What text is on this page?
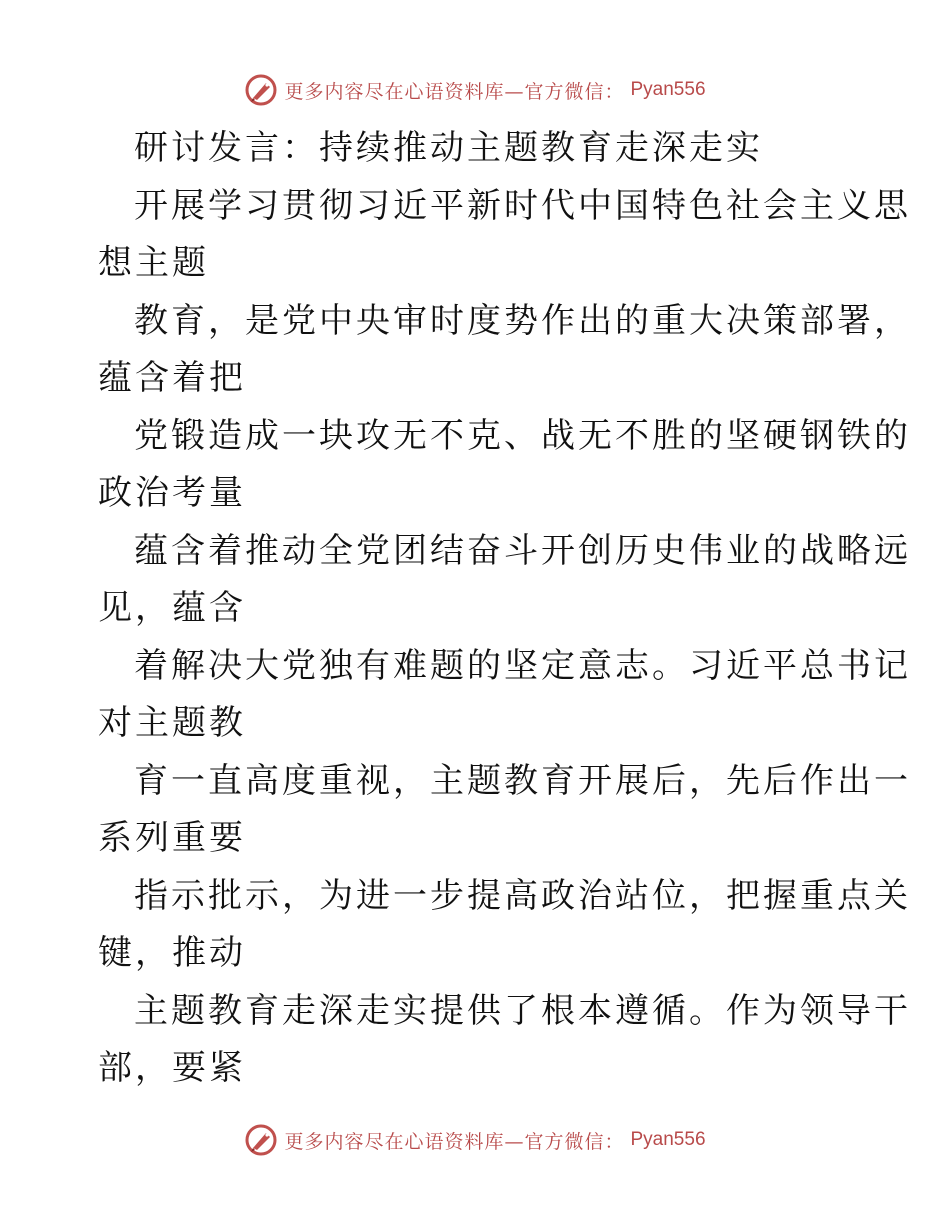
更多内容尽在心语资料库—官方微信： Pyan556

研讨发言：持续推动主题教育走深走实

开展学习贯彻习近平新时代中国特色社会主义思

想主题

教育，是党中央审时度势作出的重大决策部署，

蕴含着把

党锻造成一块攻无不克、战无不胜的坚硬钢铁的

政治考量

蕴含着推动全党团结奋斗开创历史伟业的战略远

见，蕴含

着解决大党独有难题的坚定意志。习近平总书记

对主题教

育一直高度重视，主题教育开展后，先后作出一

系列重要

指示批示，为进一步提高政治站位，把握重点关

键，推动

主题教育走深走实提供了根本遵循。作为领导干

部，要紧

更多内容尽在心语资料库—官方微信： Pyan556
